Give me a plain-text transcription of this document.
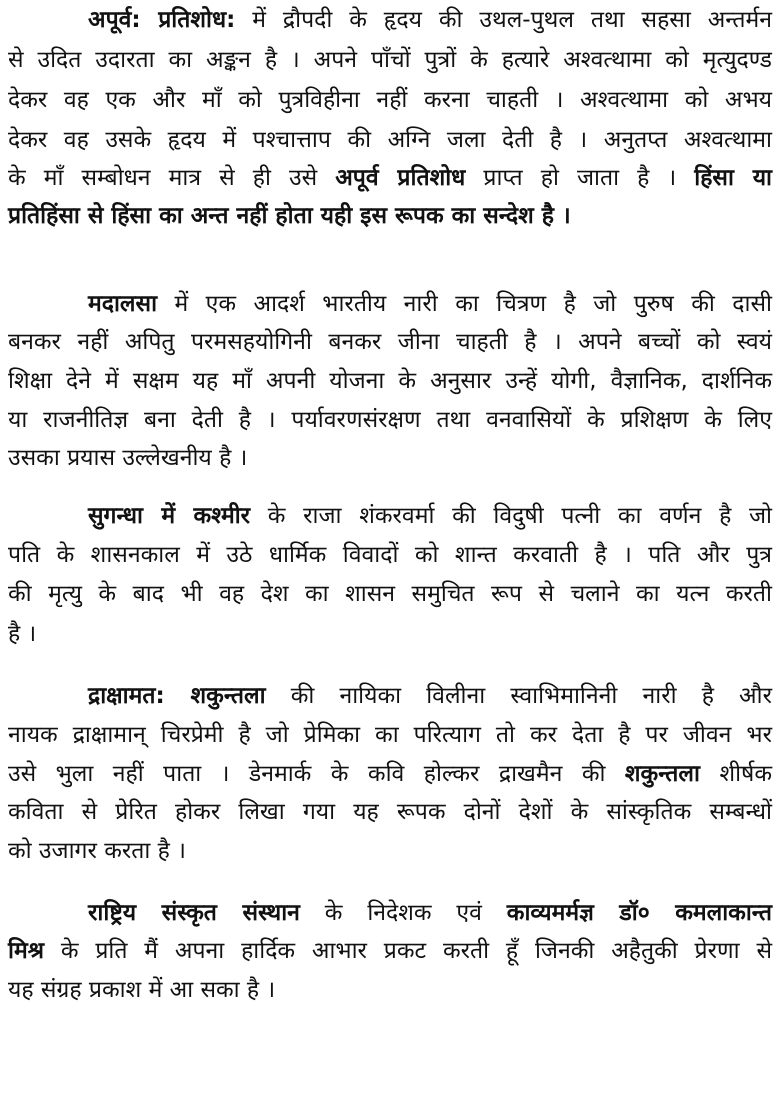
अपूर्व: प्रतिशोध: में द्रौपदी के हृदय की उथल-पुथल तथा सहसा अन्तर्मन
से उदित उदारता का अङ्कन है । अपने पाँचों पुत्रों के हत्यारे अश्वत्थामा को मृत्युदण्ड
देकर वह एक और माँ को पुत्रविहीना नहीं करना चाहती । अश्वत्थामा को अभय
देकर वह उसके हृदय में पश्चात्ताप की अग्नि जला देती है । अनुतप्त अश्वत्थामा
के माँ सम्बोधन मात्र से ही उसे अपूर्व प्रतिशोध प्राप्त हो जाता है । हिंसा या
प्रतिहिंसा से हिंसा का अन्त नहीं होता यही इस रूपक का सन्देश है ।
मदालसा में एक आदर्श भारतीय नारी का चित्रण है जो पुरुष की दासी
बनकर नहीं अपितु परमसहयोगिनी बनकर जीना चाहती है । अपने बच्चों को स्वयं
शिक्षा देने में सक्षम यह माँ अपनी योजना के अनुसार उन्हें योगी, वैज्ञानिक, दार्शनिक
या राजनीतिज्ञ बना देती है । पर्यावरणसंरक्षण तथा वनवासियों के प्रशिक्षण के लिए
उसका प्रयास उल्लेखनीय है ।
सुगन्धा में कश्मीर के राजा शंकरवर्मा की विदुषी पत्नी का वर्णन है जो
पति के शासनकाल में उठे धार्मिक विवादों को शान्त करवाती है । पति और पुत्र
की मृत्यु के बाद भी वह देश का शासन समुचित रूप से चलाने का यत्न करती
है ।
द्राक्षामत: शकुन्तला की नायिका विलीना स्वाभिमानिनी नारी है और
नायक द्राक्षामान् चिरप्रेमी है जो प्रेमिका का परित्याग तो कर देता है पर जीवन भर
उसे भुला नहीं पाता । डेनमार्क के कवि होल्कर द्राखमैन की शकुन्तला शीर्षक
कविता से प्रेरित होकर लिखा गया यह रूपक दोनों देशों के सांस्कृतिक सम्बन्धों
को उजागर करता है ।
राष्ट्रिय संस्कृत संस्थान के निदेशक एवं काव्यमर्मज्ञ डॉ० कमलाकान्त
मिश्र के प्रति मैं अपना हार्दिक आभार प्रकट करती हूँ जिनकी अहैतुकी प्रेरणा से
यह संग्रह प्रकाश में आ सका है ।
